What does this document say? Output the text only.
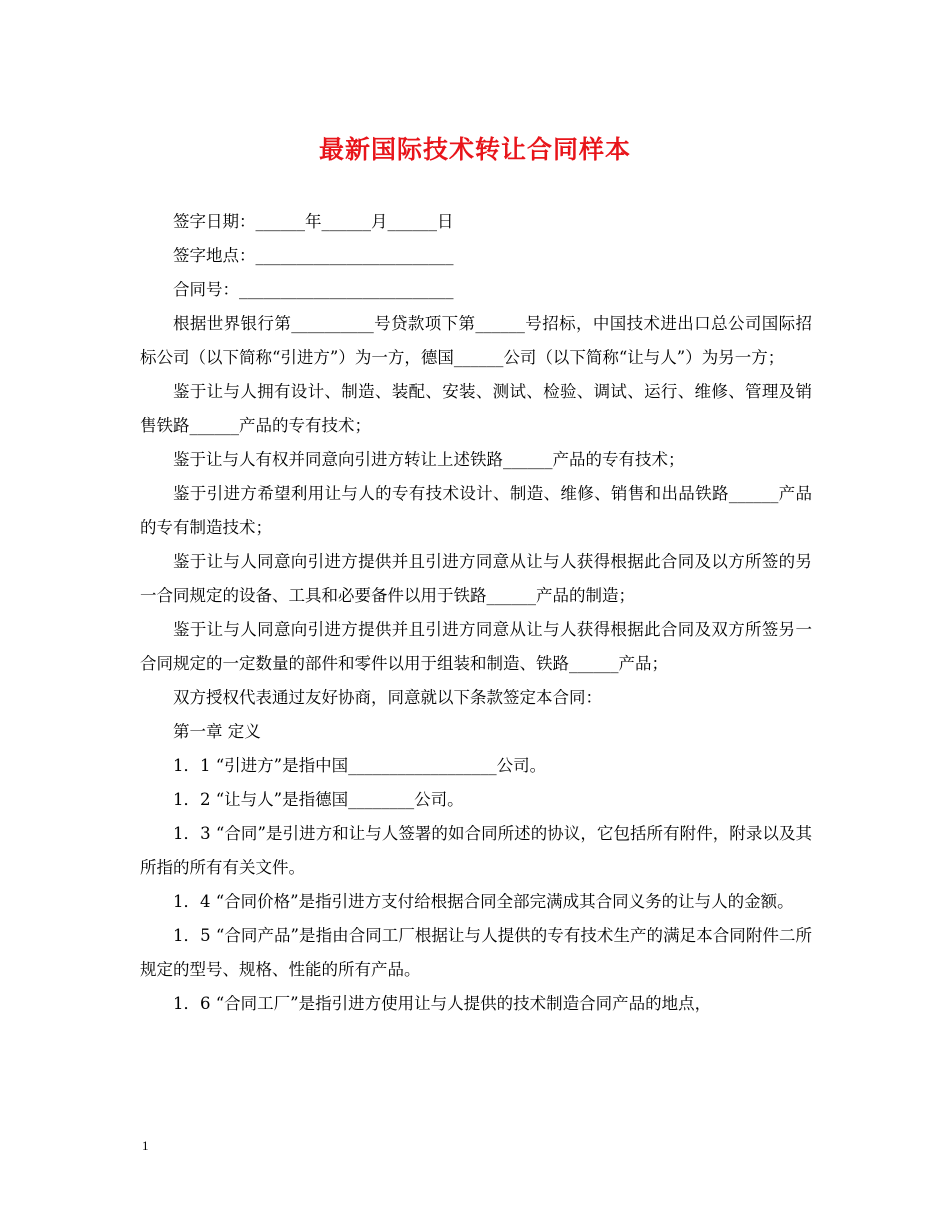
最新国际技术转让合同样本

签字日期：______年______月______日

签字地点：________________________

合同号：__________________________

根据世界银行第__________号贷款项下第______号招标，中国技术进出口总公司国际招标公司（以下简称“引进方”）为一方，德国______公司（以下简称“让与人”）为另一方；

鉴于让与人拥有设计、制造、装配、安装、测试、检验、调试、运行、维修、管理及销售铁路______产品的专有技术；

鉴于让与人有权并同意向引进方转让上述铁路______产品的专有技术；

鉴于引进方希望利用让与人的专有技术设计、制造、维修、销售和出品铁路______产品的专有制造技术；

鉴于让与人同意向引进方提供并且引进方同意从让与人获得根据此合同及以方所签的另一合同规定的设备、工具和必要备件以用于铁路______产品的制造；

鉴于让与人同意向引进方提供并且引进方同意从让与人获得根据此合同及双方所签另一合同规定的一定数量的部件和零件以用于组装和制造、铁路______产品；

双方授权代表通过友好协商，同意就以下条款签定本合同：

第一章 定义

1．1 “引进方”是指中国__________________公司。

1．2 “让与人”是指德国________公司。

1．3 “合同”是引进方和让与人签署的如合同所述的协议，它包括所有附件，附录以及其所指的所有有关文件。

1．4 “合同价格”是指引进方支付给根据合同全部完满成其合同义务的让与人的金额。

1．5 “合同产品”是指由合同工厂根据让与人提供的专有技术生产的满足本合同附件二所规定的型号、规格、性能的所有产品。

1．6 “合同工厂”是指引进方使用让与人提供的技术制造合同产品的地点，

1
